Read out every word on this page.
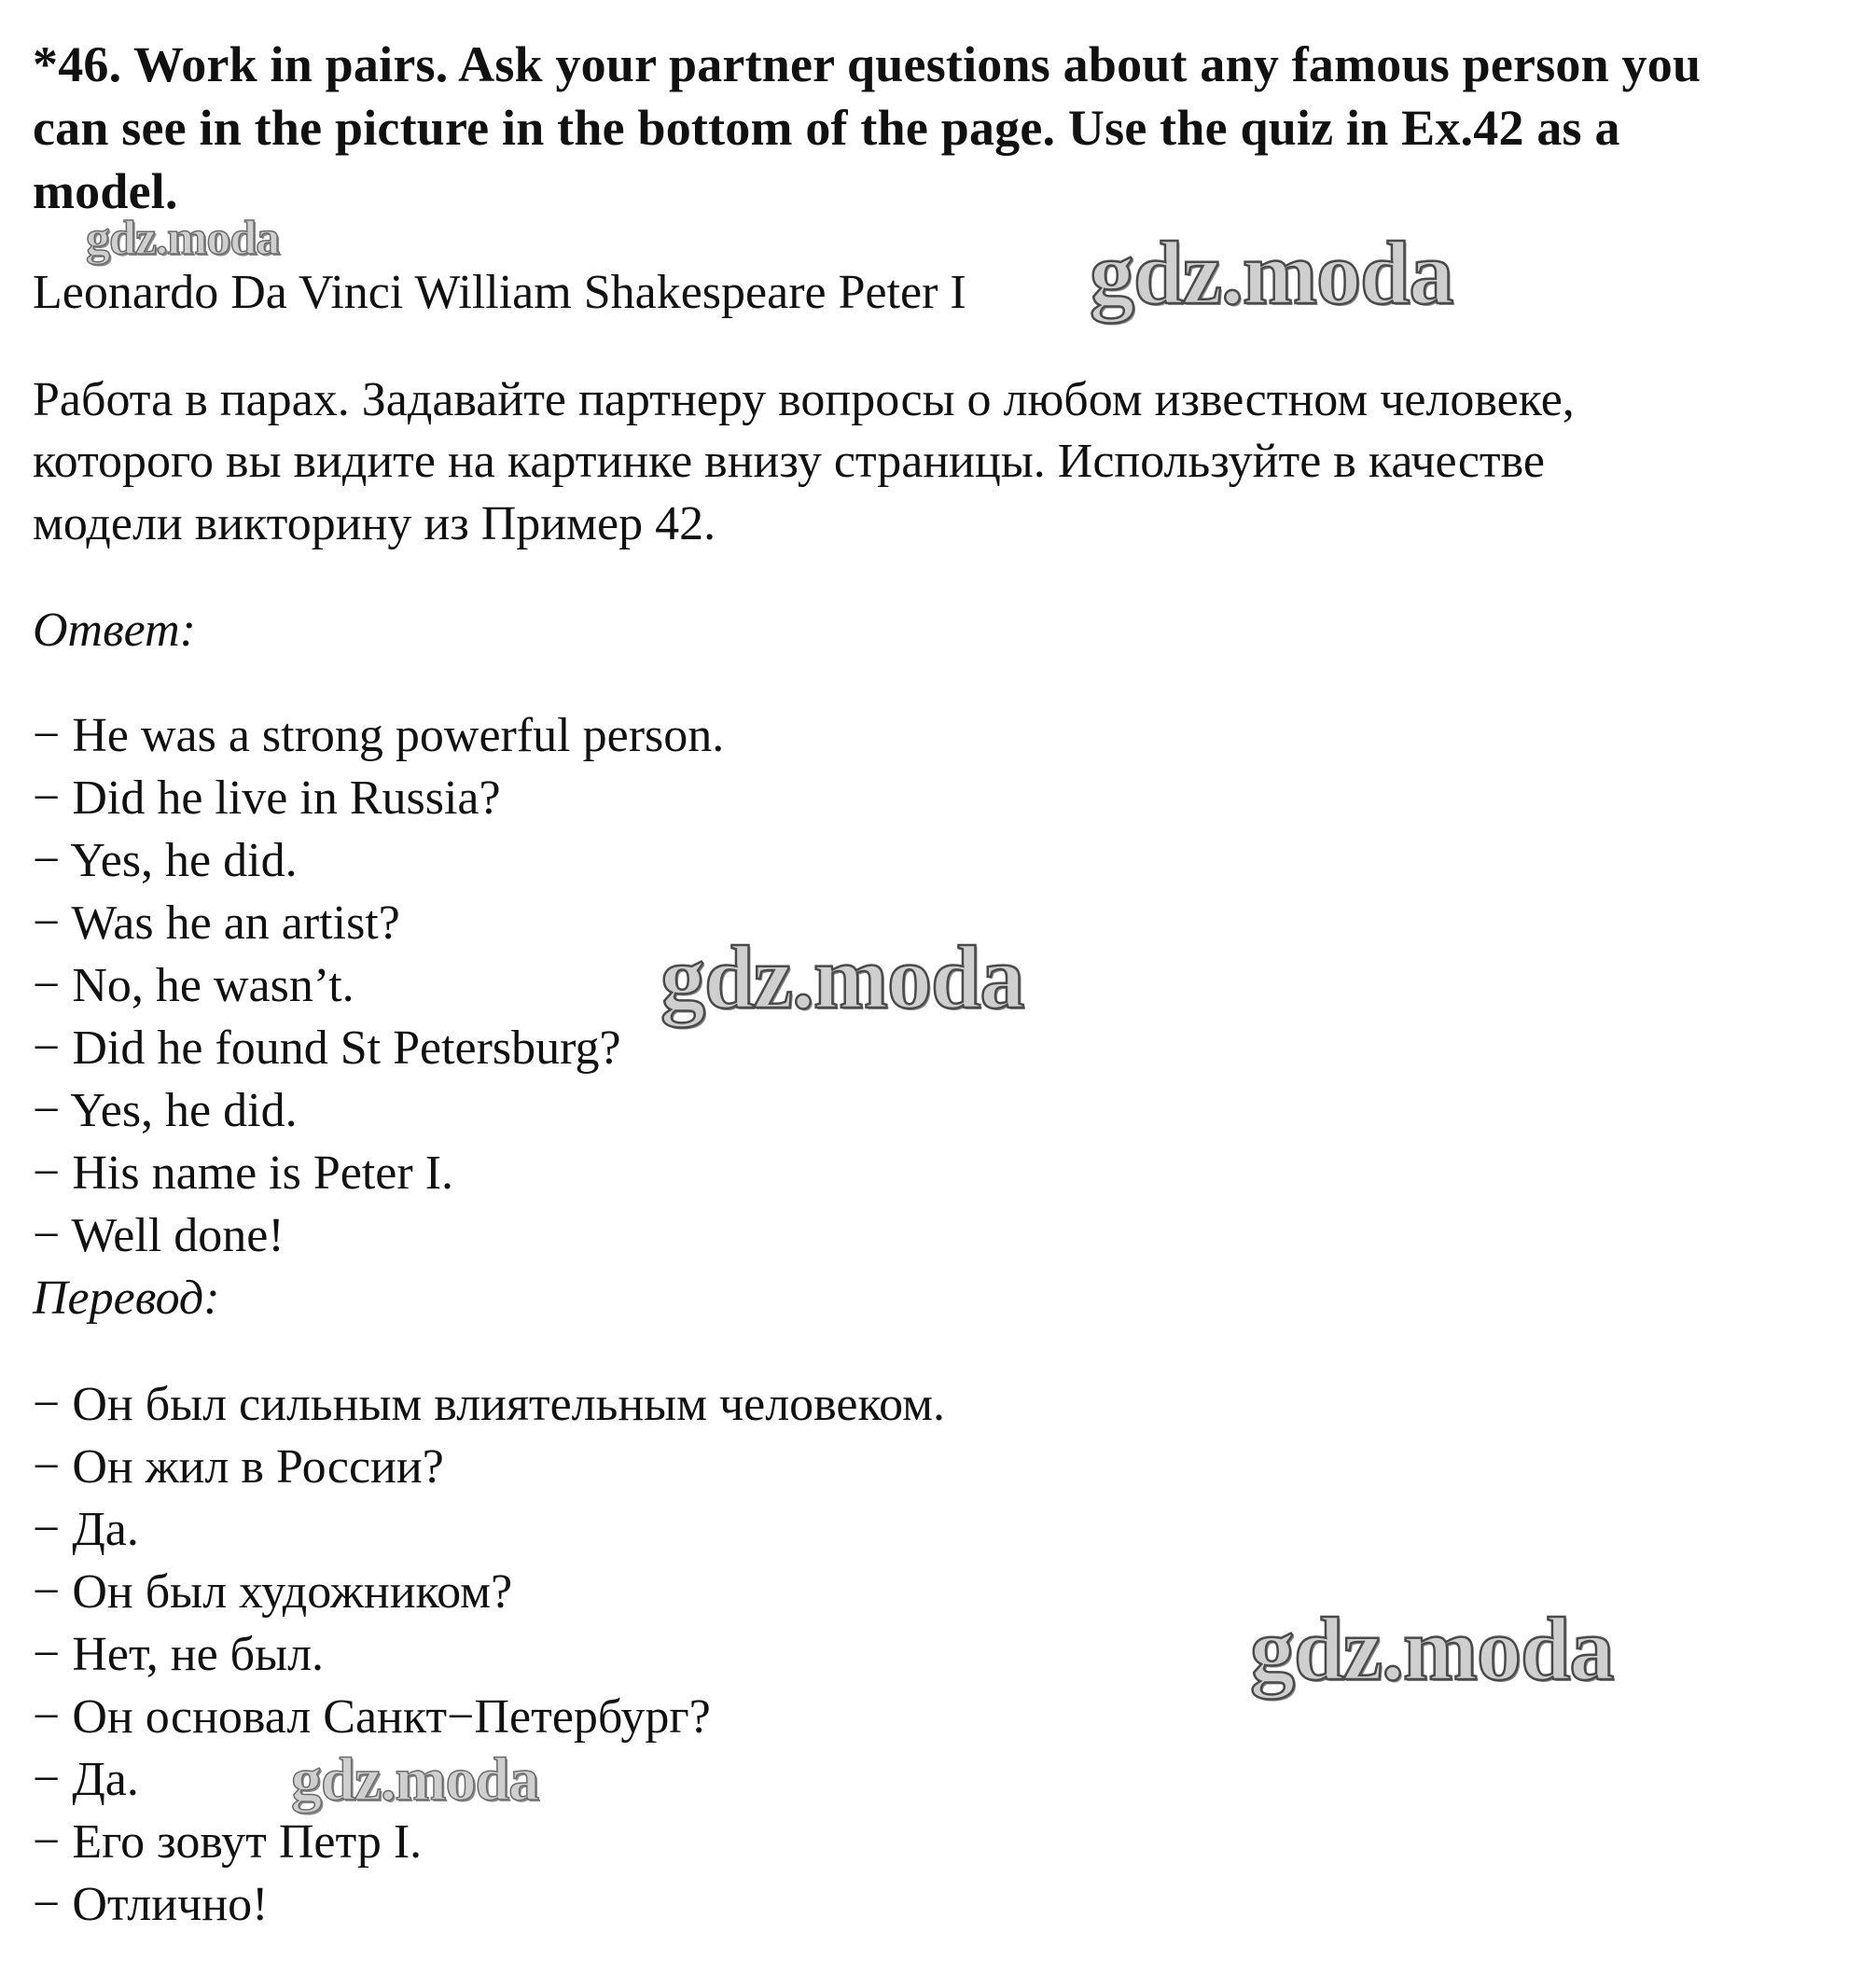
*46. Work in pairs. Ask your partner questions about any famous person you
can see in the picture in the bottom of the page. Use the quiz in Ex.42 as a
model.
Leonardo Da Vinci William Shakespeare Peter I
Работа в парах. Задавайте партнеру вопросы о любом известном человеке,
которого вы видите на картинке внизу страницы. Используйте в качестве
модели викторину из Пример 42.
Ответ:
− He was a strong powerful person.
− Did he live in Russia?
− Yes, he did.
− Was he an artist?
− No, he wasn’t.
− Did he found St Petersburg?
− Yes, he did.
− His name is Peter I.
− Well done!
Перевод:
− Он был сильным влиятельным человеком.
− Он жил в России?
− Да.
− Он был художником?
− Нет, не был.
− Он основал Санкт−Петербург?
− Да.
− Его зовут Петр I.
− Отлично!
gdz.moda	gdz.moda
gdz.moda
gdz.moda
gdz.moda
